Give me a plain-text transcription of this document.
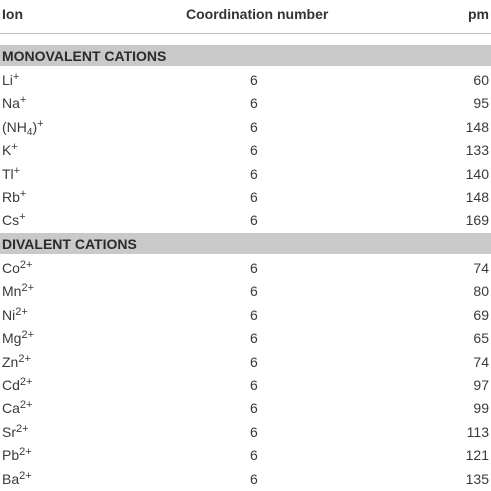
Ion	Coordination number	pm
MONOVALENT CATIONS
Li+	6	60
Na+	6	95
$(NH_4)^+$	6	148
K+	6	133
Tl+	6	140
Rb+	6	148
Cs+	6	169
DIVALENT CATIONS
$Co^{2+}$	6	74
$Mn^{2+}$	6	80
$Ni^{2+}$	6	69
$Mg^{2+}$	6	65
$Zn^{2+}$	6	74
$Cd^{2+}$	6	97
$Ca^{2+}$	6	99
$Sr^{2+}$	6	113
$Pb^{2+}$	6	121
$Ba^{2+}$	6	135
